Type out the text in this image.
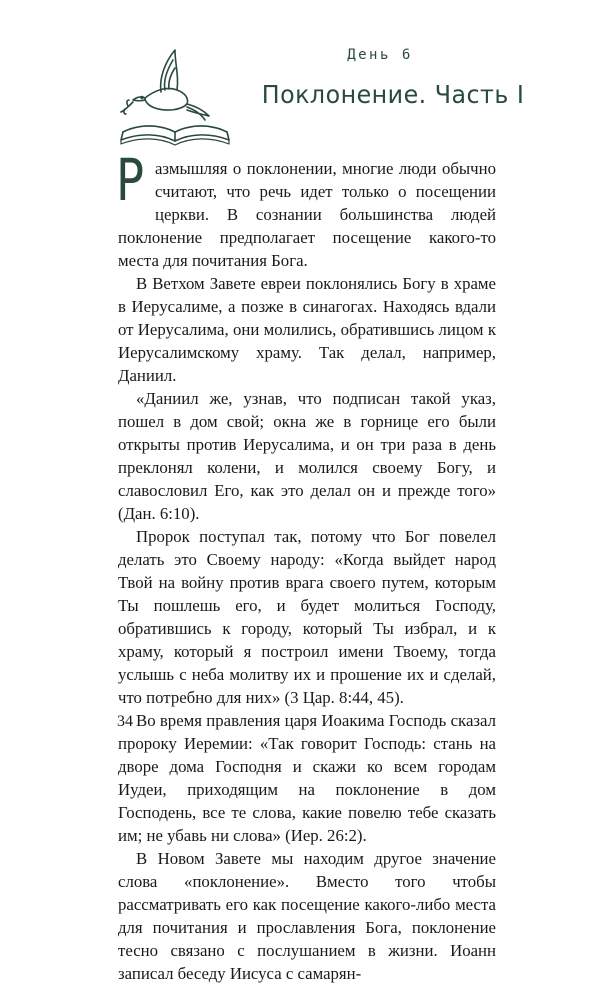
День 6
Поклонение. Часть I

Размышляя о поклонении, многие люди обычно считают, что речь идет только о посещении церкви. В сознании большинства людей поклонение предполагает посещение какого-то места для почитания Бога.

В Ветхом Завете евреи поклонялись Богу в храме в Иерусалиме, а позже в синагогах. Находясь вдали от Иерусалима, они молились, обратившись лицом к Иерусалимскому храму. Так делал, например, Даниил.

«Даниил же, узнав, что подписан такой указ, пошел в дом свой; окна же в горнице его были открыты против Иерусалима, и он три раза в день преклонял колени, и молился своему Богу, и славословил Его, как это делал он и прежде того» (Дан. 6:10).

Пророк поступал так, потому что Бог повелел делать это Своему народу: «Когда выйдет народ Твой на войну против врага своего путем, которым Ты пошлешь его, и будет молиться Господу, обратившись к городу, который Ты избрал, и к храму, который я построил имени Твоему, тогда услышь с неба молитву их и прошение их и сделай, что потребно для них» (3 Цар. 8:44, 45).

Во время правления царя Иоакима Господь сказал пророку Иеремии: «Так говорит Господь: стань на дворе дома Господня и скажи ко всем городам Иудеи, приходящим на поклонение в дом Господень, все те слова, какие повелю тебе сказать им; не убавь ни слова» (Иер. 26:2).

В Новом Завете мы находим другое значение слова «поклонение». Вместо того чтобы рассматривать его как посещение какого-либо места для почитания и прославления Бога, поклонение тесно связано с послушанием в жизни. Иоанн записал беседу Иисуса с самарян-

34
